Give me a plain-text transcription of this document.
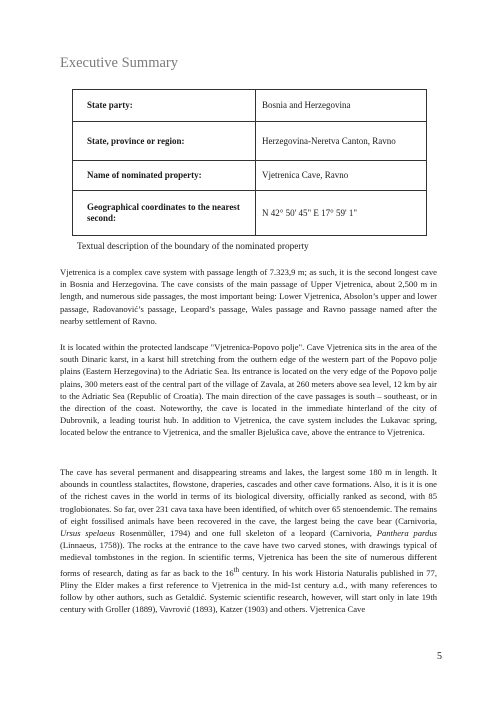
Executive Summary
State party:	Bosnia and Herzegovina
State, province or region:	Herzegovina-Neretva Canton, Ravno
Name of nominated property:	Vjetrenica Cave, Ravno
Geographical coordinates to the nearest second:	N 42° 50' 45" E 17° 59' 1"
Textual description of the boundary of the nominated property
Vjetrenica is a complex cave system with passage length of 7.323,9 m; as such, it is the second longest cave in Bosnia and Herzegovina. The cave consists of the main passage of Upper Vjetrenica, about 2,500 m in length, and numerous side passages, the most important being: Lower Vjetrenica, Absolon’s upper and lower passage, Radovanović’s passage, Leopard’s passage, Wales passage and Ravno passage named after the nearby settlement of Ravno.
It is located within the protected landscape "Vjetrenica-Popovo polje". Cave Vjetrenica sits in the area of the south Dinaric karst, in a karst hill stretching from the outhern edge of the western part of the Popovo polje plains (Eastern Herzegovina) to the Adriatic Sea. Its entrance is located on the very edge of the Popovo polje plains, 300 meters east of the central part of the village of Zavala, at 260 meters above sea level, 12 km by air to the Adriatic Sea (Republic of Croatia). The main direction of the cave passages is south – southeast, or in the direction of the coast. Noteworthy, the cave is located in the immediate hinterland of the city of Dubrovnik, a leading tourist hub. In addition to Vjetrenica, the cave system includes the Lukavac spring, located below the entrance to Vjetrenica, and the smaller Bjelušica cave, above the entrance to Vjetrenica.
The cave has several permanent and disappearing streams and lakes, the largest some 180 m in length. It abounds in countless stalactites, flowstone, draperies, cascades and other cave formations. Also, it is it is one of the richest caves in the world in terms of its biological diversity, officially ranked as second, with 85 troglobionates. So far, over 231 cava taxa have been identified, of whitch over 65 stenoendemic. The remains of eight fossilised animals have been recovered in the cave, the largest being the cave bear (Carnivoria, Ursus spelaeus Rosenmüller, 1794) and one full skeleton of a leopard (Carnivoria, Panthera pardus (Linnaeus, 1758)). The rocks at the entrance to the cave have two carved stones, with drawings typical of medieval tombstones in the region. In scientific terms, Vjetrenica has been the site of numerous different forms of research, dating as far as back to the 16th century. In his work Historia Naturalis published in 77, Pliny the Elder makes a first reference to Vjetrenica in the mid-1st century a.d., with many references to follow by other authors, such as Getaldić. Systemic scientific research, however, will start only in late 19th century with Groller (1889), Vavrović (1893), Katzer (1903) and others. Vjetrenica Cave
5
